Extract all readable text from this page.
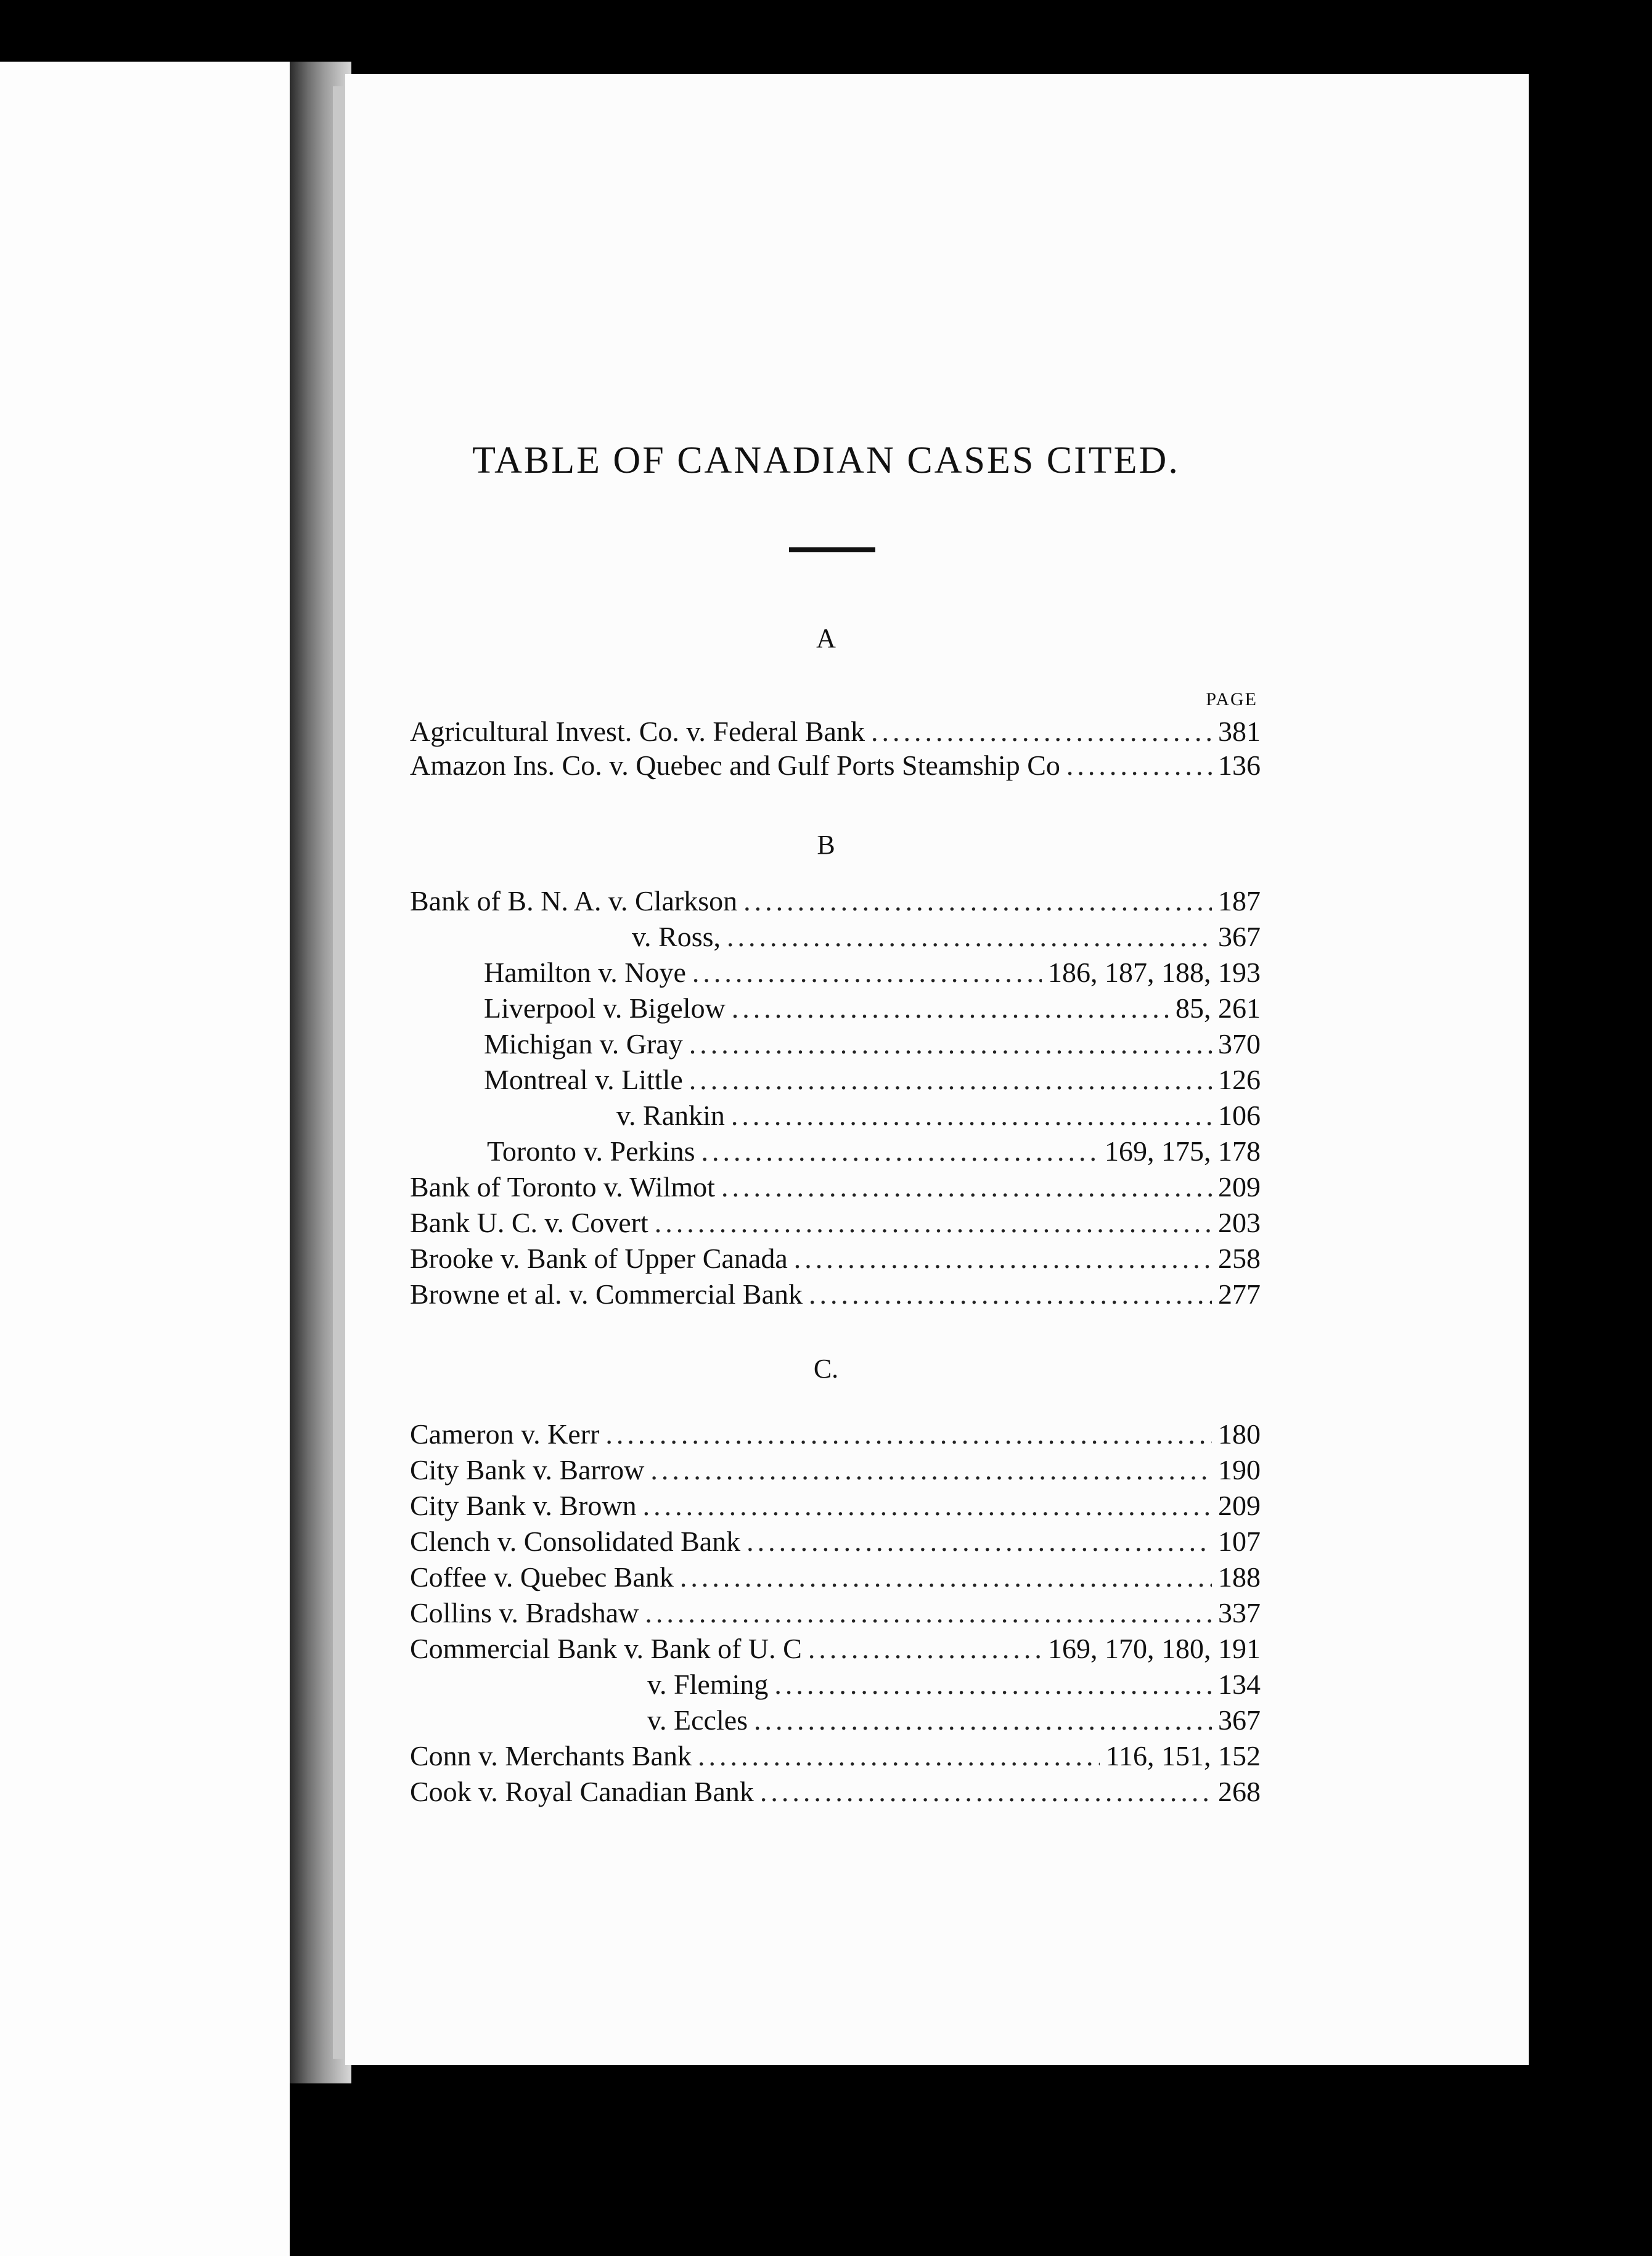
TABLE OF CANADIAN CASES CITED.
A
PAGE
Agricultural Invest. Co. v. Federal Bank .....	381
Amazon Ins. Co. v. Quebec and Gulf Ports Steamship Co .....	136
B
Bank of B. N. A. v. Clarkson .....	187
v. Ross, .....	367
Hamilton v. Noye .....	186, 187, 188, 193
Liverpool v. Bigelow .....	85, 261
Michigan v. Gray .....	370
Montreal v. Little .....	126
v. Rankin .....	106
Toronto v. Perkins .....	169, 175, 178
Bank of Toronto v. Wilmot .....	209
Bank U. C. v. Covert .....	203
Brooke v. Bank of Upper Canada .....	258
Browne et al. v. Commercial Bank .....	277
C.
Cameron v. Kerr .....	180
City Bank v. Barrow .....	190
City Bank v. Brown .....	209
Clench v. Consolidated Bank .....	107
Coffee v. Quebec Bank .....	188
Collins v. Bradshaw .....	337
Commercial Bank v. Bank of U. C .....	169, 170, 180, 191
v. Fleming .....	134
v. Eccles .....	367
Conn v. Merchants Bank .....	116, 151, 152
Cook v. Royal Canadian Bank .....	268
